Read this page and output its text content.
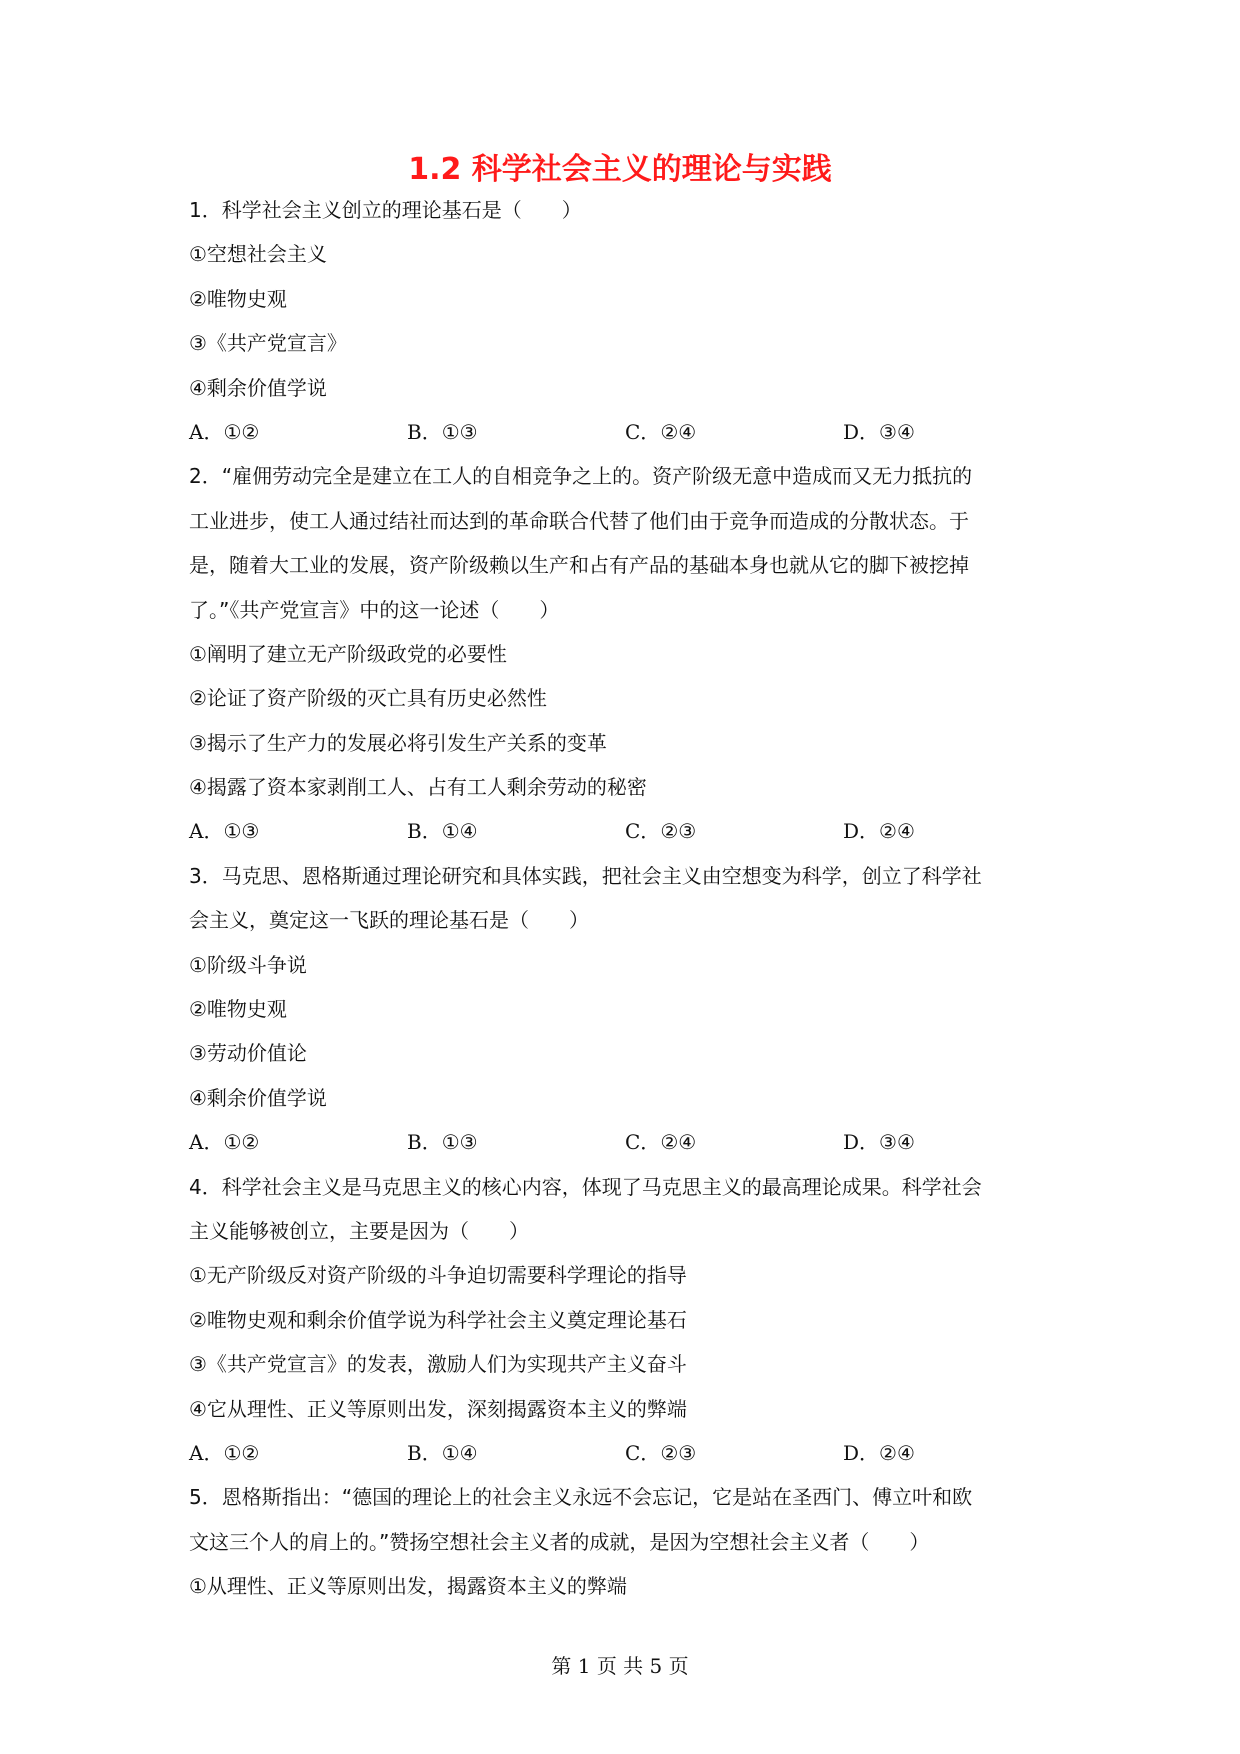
1.2 科学社会主义的理论与实践
1．科学社会主义创立的理论基石是（　　）
①空想社会主义
②唯物史观
③《共产党宣言》
④剩余价值学说
A．①②	B．①③	C．②④	D．③④
2．“雇佣劳动完全是建立在工人的自相竞争之上的。资产阶级无意中造成而又无力抵抗的
工业进步，使工人通过结社而达到的革命联合代替了他们由于竞争而造成的分散状态。于
是，随着大工业的发展，资产阶级赖以生产和占有产品的基础本身也就从它的脚下被挖掉
了。”《共产党宣言》中的这一论述（　　）
①阐明了建立无产阶级政党的必要性
②论证了资产阶级的灭亡具有历史必然性
③揭示了生产力的发展必将引发生产关系的变革
④揭露了资本家剥削工人、占有工人剩余劳动的秘密
A．①③	B．①④	C．②③	D．②④
3．马克思、恩格斯通过理论研究和具体实践，把社会主义由空想变为科学，创立了科学社
会主义，奠定这一飞跃的理论基石是（　　）
①阶级斗争说
②唯物史观
③劳动价值论
④剩余价值学说
A．①②	B．①③	C．②④	D．③④
4．科学社会主义是马克思主义的核心内容，体现了马克思主义的最高理论成果。科学社会
主义能够被创立，主要是因为（　　）
①无产阶级反对资产阶级的斗争迫切需要科学理论的指导
②唯物史观和剩余价值学说为科学社会主义奠定理论基石
③《共产党宣言》的发表，激励人们为实现共产主义奋斗
④它从理性、正义等原则出发，深刻揭露资本主义的弊端
A．①②	B．①④	C．②③	D．②④
5．恩格斯指出：“德国的理论上的社会主义永远不会忘记，它是站在圣西门、傅立叶和欧
文这三个人的肩上的。”赞扬空想社会主义者的成就，是因为空想社会主义者（　　）
①从理性、正义等原则出发，揭露资本主义的弊端
第 1 页 共 5 页
